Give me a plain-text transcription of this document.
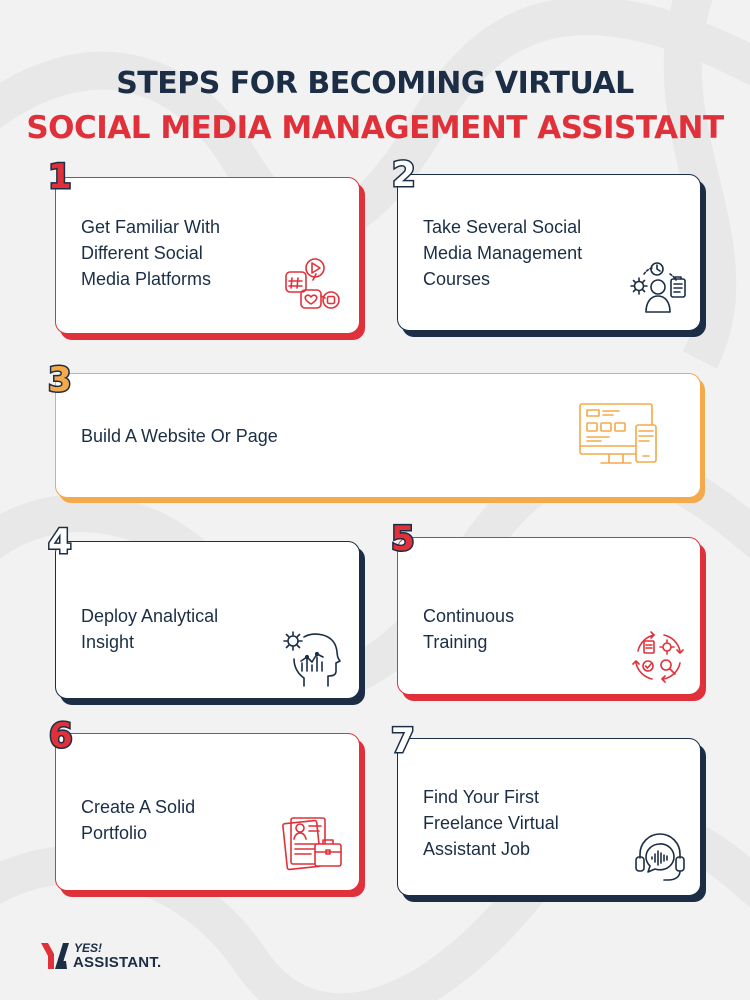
STEPS FOR BECOMING VIRTUAL
SOCIAL MEDIA MANAGEMENT ASSISTANT
Get Familiar With
Different Social
Media Platforms
1
Take Several Social
Media Management
Courses
2
Build A Website Or Page
3
Deploy Analytical
Insight
4
Continuous
Training
5
Create A Solid
Portfolio
6
Find Your First
Freelance Virtual
Assistant Job
7
YES!
ASSISTANT.
